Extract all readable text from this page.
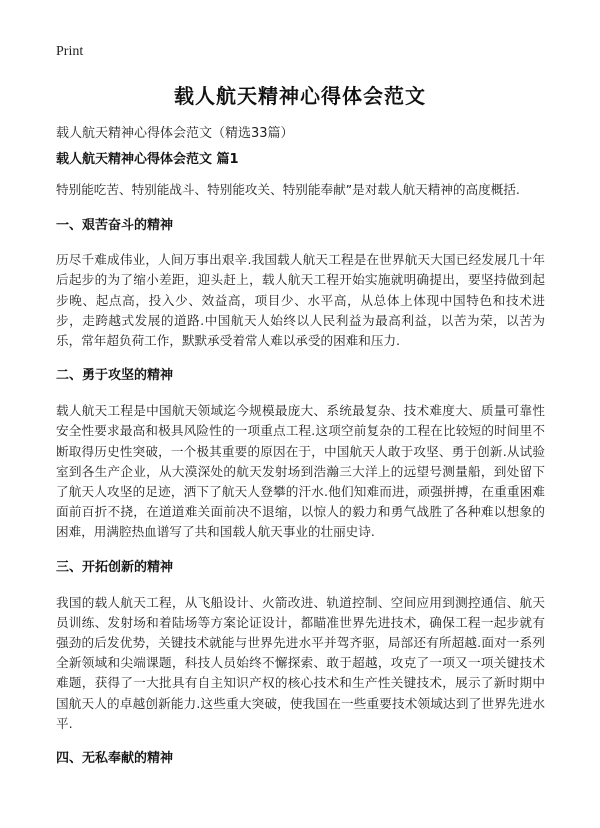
Print
载人航天精神心得体会范文

载人航天精神心得体会范文（精选33篇）

载人航天精神心得体会范文 篇1

特别能吃苦、特别能战斗、特别能攻关、特别能奉献”是对载人航天精神的高度概括.

一、艰苦奋斗的精神

历尽千难成伟业，人间万事出艰辛.我国载人航天工程是在世界航天大国已经发展几十年后起步的为了缩小差距，迎头赶上，载人航天工程开始实施就明确提出，要坚持做到起步晚、起点高，投入少、效益高，项目少、水平高，从总体上体现中国特色和技术进步，走跨越式发展的道路.中国航天人始终以人民利益为最高利益，以苦为荣，以苦为乐，常年超负荷工作，默默承受着常人难以承受的困难和压力.

二、勇于攻坚的精神

载人航天工程是中国航天领域迄今规模最庞大、系统最复杂、技术难度大、质量可靠性安全性要求最高和极具风险性的一项重点工程.这项空前复杂的工程在比较短的时间里不断取得历史性突破，一个极其重要的原因在于，中国航天人敢于攻坚、勇于创新.从试验室到各生产企业，从大漠深处的航天发射场到浩瀚三大洋上的远望号测量船，到处留下了航天人攻坚的足迹，洒下了航天人登攀的汗水.他们知难而进，顽强拼搏，在重重困难面前百折不挠，在道道难关面前决不退缩，以惊人的毅力和勇气战胜了各种难以想象的困难，用满腔热血谱写了共和国载人航天事业的壮丽史诗.

三、开拓创新的精神

我国的载人航天工程，从飞船设计、火箭改进、轨道控制、空间应用到测控通信、航天员训练、发射场和着陆场等方案论证设计，都瞄准世界先进技术，确保工程一起步就有强劲的后发优势，关键技术就能与世界先进水平并驾齐驱，局部还有所超越.面对一系列全新领域和尖端课题，科技人员始终不懈探索、敢于超越，攻克了一项又一项关键技术难题，获得了一大批具有自主知识产权的核心技术和生产性关键技术，展示了新时期中国航天人的卓越创新能力.这些重大突破，使我国在一些重要技术领域达到了世界先进水平.

四、无私奉献的精神
